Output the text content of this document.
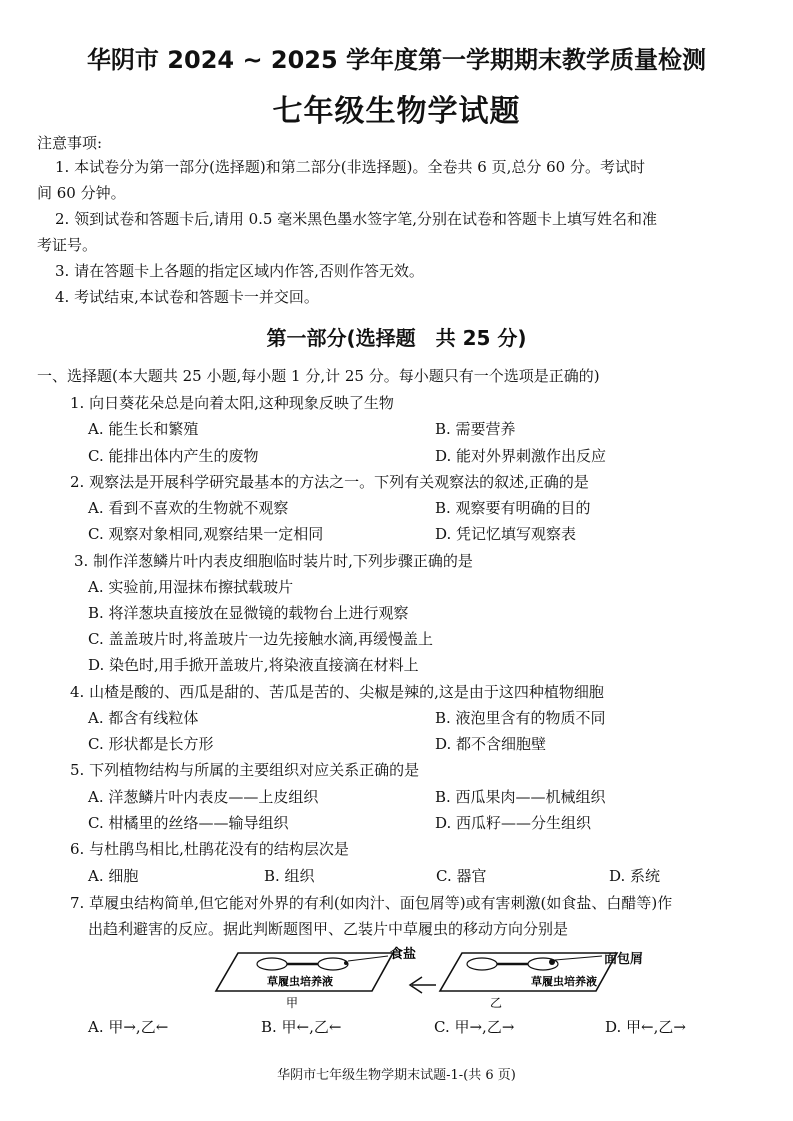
华阴市 2024 ~ 2025 学年度第一学期期末教学质量检测
七年级生物学试题
注意事项:
1. 本试卷分为第一部分(选择题)和第二部分(非选择题)。全卷共 6 页,总分 60 分。考试时
间 60 分钟。
2. 领到试卷和答题卡后,请用 0.5 毫米黑色墨水签字笔,分别在试卷和答题卡上填写姓名和准
考证号。
3. 请在答题卡上各题的指定区域内作答,否则作答无效。
4. 考试结束,本试卷和答题卡一并交回。
第一部分(选择题　共 25 分)
一、选择题(本大题共 25 小题,每小题 1 分,计 25 分。每小题只有一个选项是正确的)
1. 向日葵花朵总是向着太阳,这种现象反映了生物
A. 能生长和繁殖	B. 需要营养
C. 能排出体内产生的废物	D. 能对外界刺激作出反应
2. 观察法是开展科学研究最基本的方法之一。下列有关观察法的叙述,正确的是
A. 看到不喜欢的生物就不观察	B. 观察要有明确的目的
C. 观察对象相同,观察结果一定相同	D. 凭记忆填写观察表
3. 制作洋葱鳞片叶内表皮细胞临时装片时,下列步骤正确的是
A. 实验前,用湿抹布擦拭载玻片
B. 将洋葱块直接放在显微镜的载物台上进行观察
C. 盖盖玻片时,将盖玻片一边先接触水滴,再缓慢盖上
D. 染色时,用手掀开盖玻片,将染液直接滴在材料上
4. 山楂是酸的、西瓜是甜的、苦瓜是苦的、尖椒是辣的,这是由于这四种植物细胞
A. 都含有线粒体	B. 液泡里含有的物质不同
C. 形状都是长方形	D. 都不含细胞壁
5. 下列植物结构与所属的主要组织对应关系正确的是
A. 洋葱鳞片叶内表皮——上皮组织	B. 西瓜果肉——机械组织
C. 柑橘里的丝络——输导组织	D. 西瓜籽——分生组织
6. 与杜鹃鸟相比,杜鹃花没有的结构层次是
A. 细胞	B. 组织	C. 器官	D. 系统
7. 草履虫结构简单,但它能对外界的有利(如肉汁、面包屑等)或有害刺激(如食盐、白醋等)作
出趋利避害的反应。据此判断题图甲、乙装片中草履虫的移动方向分别是
食盐
草履虫培养液
甲
草履虫培养液
乙
面包屑
A. 甲→,乙←	B. 甲←,乙←	C. 甲→,乙→	D. 甲←,乙→
华阴市七年级生物学期末试题-1-(共 6 页)
